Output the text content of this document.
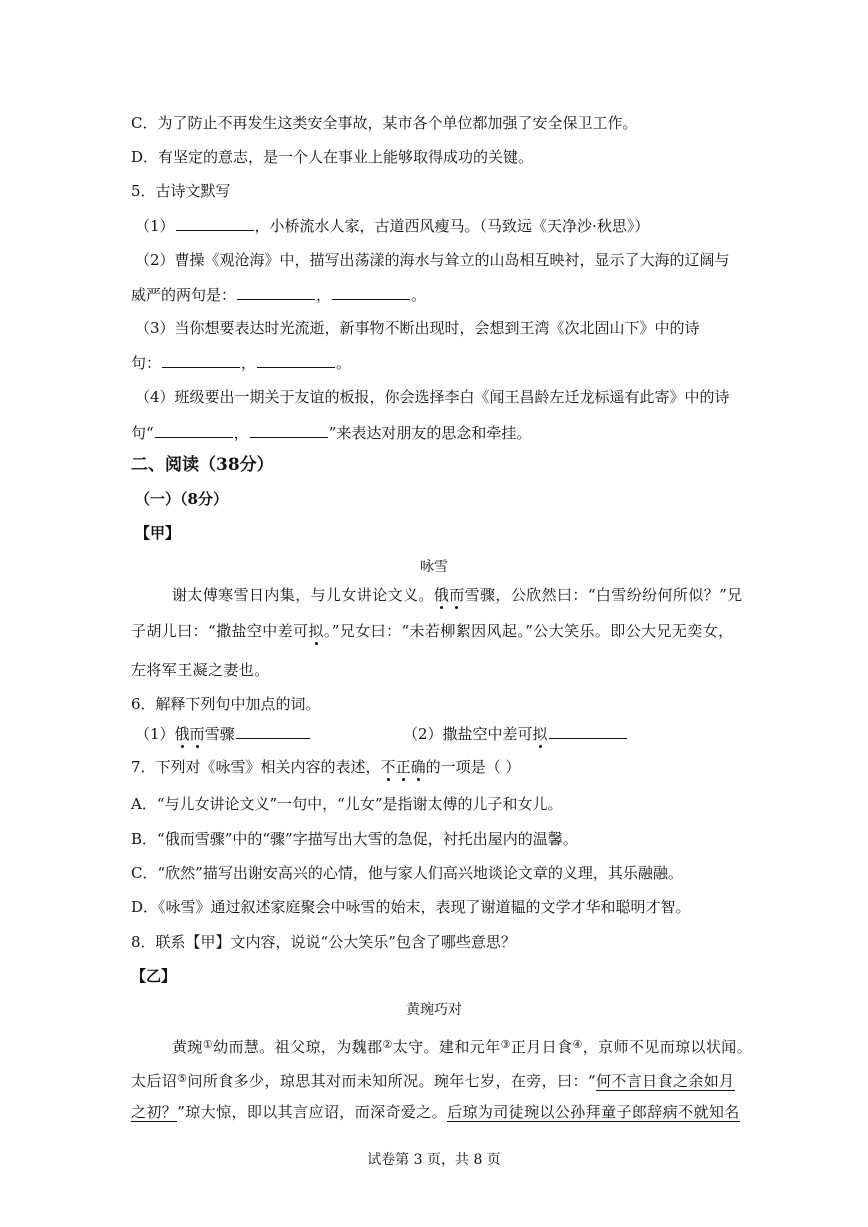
C．为了防止不再发生这类安全事故，某市各个单位都加强了安全保卫工作。
D．有坚定的意志，是一个人在事业上能够取得成功的关键。
5．古诗文默写
（1）	，小桥流水人家，古道西风瘦马。（马致远《天净沙·秋思》）
（2）曹操《观沧海》中，描写出荡漾的海水与耸立的山岛相互映衬，显示了大海的辽阔与
威严的两句是：	，	。
（3）当你想要表达时光流逝，新事物不断出现时，会想到王湾《次北固山下》中的诗
句：	，	。
（4）班级要出一期关于友谊的板报，你会选择李白《闻王昌龄左迁龙标遥有此寄》中的诗
句“	，	”来表达对朋友的思念和牵挂。
二、阅读（38分）
（一）（8分）
【甲】
咏雪
谢太傅寒雪日内集，与儿女讲论文义。俄而雪骤，公欣然曰：“白雪纷纷何所似？”兄
子胡儿曰：“撒盐空中差可拟。”兄女曰：“未若柳絮因风起。”公大笑乐。即公大兄无奕女，
左将军王凝之妻也。
6．解释下列句中加点的词。
（1）俄而雪骤	（2）撒盐空中差可拟
7．下列对《咏雪》相关内容的表述，不正确的一项是（ ）
A．“与儿女讲论文义”一句中，“儿女”是指谢太傅的儿子和女儿。
B．“俄而雪骤”中的“骤”字描写出大雪的急促，衬托出屋内的温馨。
C．“欣然”描写出谢安高兴的心情，他与家人们高兴地谈论文章的义理，其乐融融。
D．《咏雪》通过叙述家庭聚会中咏雪的始末，表现了谢道韫的文学才华和聪明才智。
8．联系【甲】文内容，说说“公大笑乐”包含了哪些意思？
【乙】
黄琬巧对
黄琬①幼而慧。祖父琼，为魏郡②太守。建和元年③正月日食④，京师不见而琼以状闻。
太后诏⑤问所食多少，琼思其对而未知所况。琬年七岁，在旁，曰：“何不言日食之余如月
之初？”琼大惊，即以其言应诏，而深奇爱之。后琼为司徒琬以公孙拜童子郎辞病不就知名
试卷第 3 页，共 8 页
